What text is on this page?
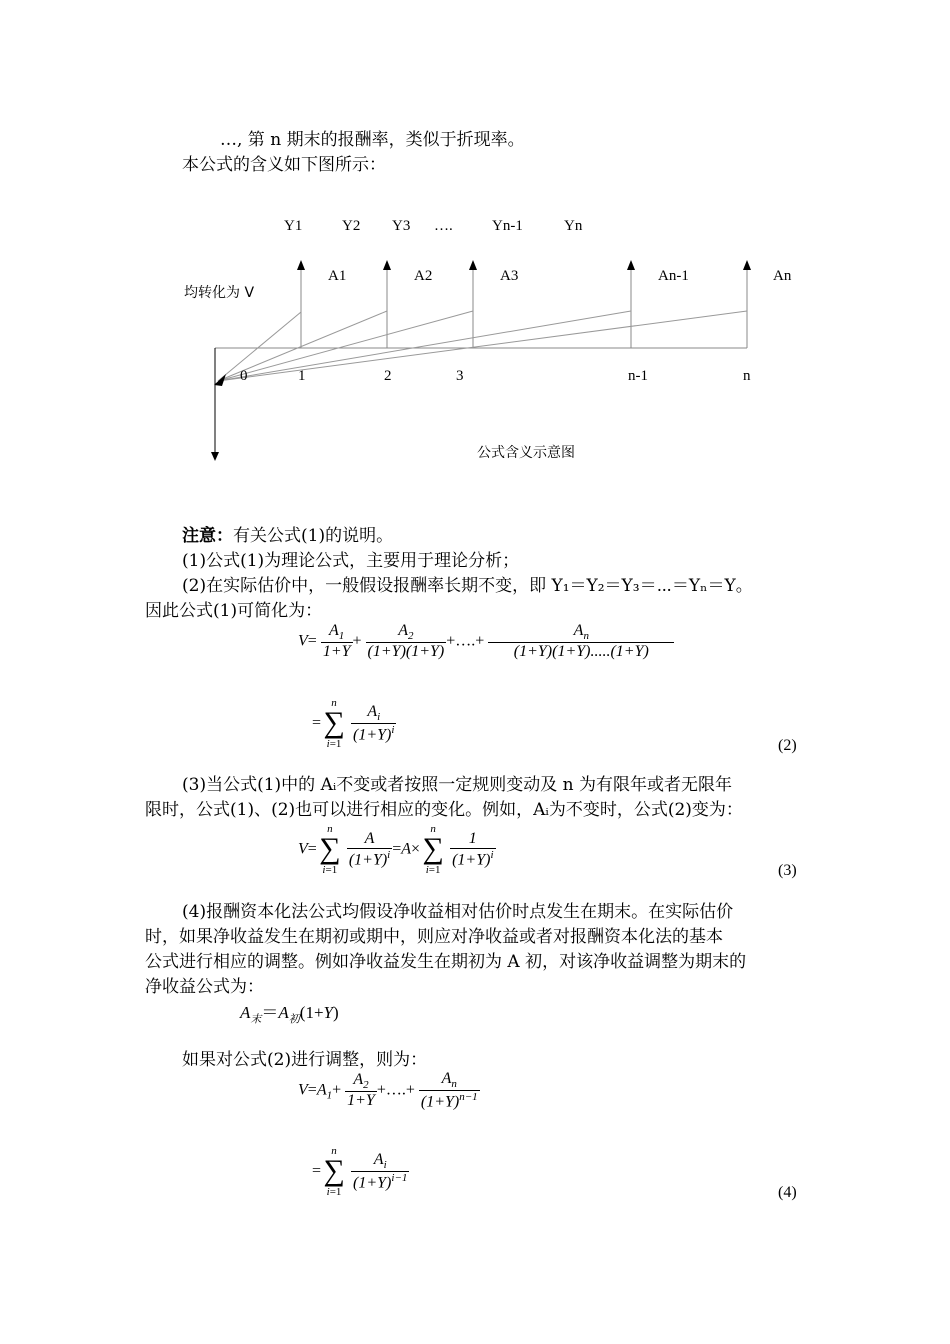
…, 第 n 期末的报酬率，类似于折现率。
本公式的含义如下图所示：
Y1	Y2 Y3 ….	Yn-1	Yn
A1	A2	A3	An-1	An
均转化为 V
0	1	2	3	n-1	n
公式含义示意图
注意：有关公式(1)的说明。
(1)公式(1)为理论公式，主要用于理论分析；
(2)在实际估价中，一般假设报酬率长期不变，即 Y₁＝Y₂＝Y₃＝⋯＝Yₙ＝Y。
因此公式(1)可简化为：
$V= \frac{A_1}{1+Y} + \frac{A_2}{(1+Y)(1+Y)}$ +….+ $\frac{A_n}{(1+Y)(1+Y).....(1+Y)}$
=
n
∑
i=1
$\frac{A_i}{(1+Y)^i}$
(2)
(3)当公式(1)中的 Aᵢ不变或者按照一定规则变动及 n 为有限年或者无限年
限时，公式(1)、(2)也可以进行相应的变化。例如，Aᵢ为不变时，公式(2)变为：
V=
n
∑
i=1

$\frac{A}{(1+Y)^i} =A\times$
n
∑
i=1

$\frac{1}{(1+Y)^i}$
(3)
(4)报酬资本化法公式均假设净收益相对估价时点发生在期末。在实际估价
时，如果净收益发生在期初或期中，则应对净收益或者对报酬资本化法的基本
公式进行相应的调整。例如净收益发生在期初为 A 初，对该净收益调整为期末的
净收益公式为：
$A_末=A_初(1+Y)$
如果对公式(2)进行调整，则为：
$V=A_1+ \frac{A_2}{1+Y}$ +….+ $\frac{A_n}{(1+Y)^{n-1}}$
=
n
∑
i=1
$\frac{A_i}{(1+Y)^{i-1}}$	(4)
